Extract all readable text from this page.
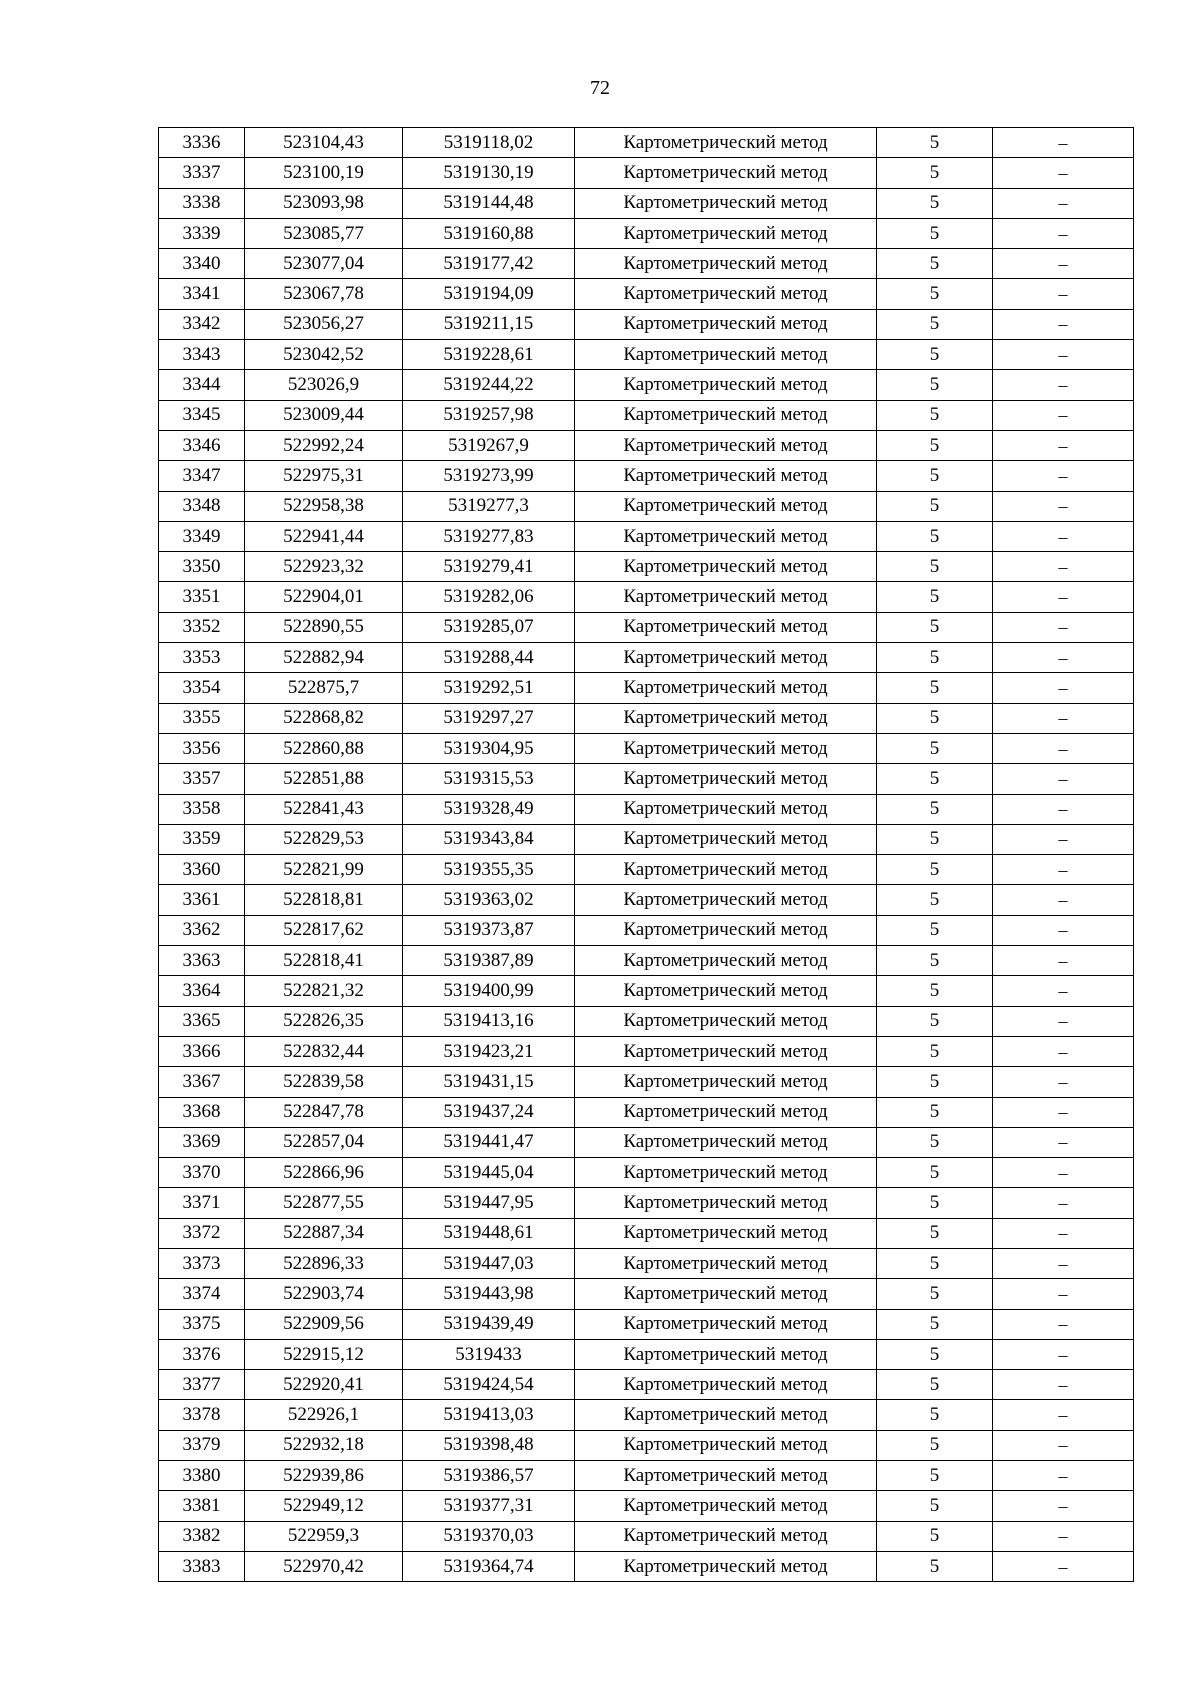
72
3336	523104,43	5319118,02	Картометрический метод	5	–
3337	523100,19	5319130,19	Картометрический метод	5	–
3338	523093,98	5319144,48	Картометрический метод	5	–
3339	523085,77	5319160,88	Картометрический метод	5	–
3340	523077,04	5319177,42	Картометрический метод	5	–
3341	523067,78	5319194,09	Картометрический метод	5	–
3342	523056,27	5319211,15	Картометрический метод	5	–
3343	523042,52	5319228,61	Картометрический метод	5	–
3344	523026,9	5319244,22	Картометрический метод	5	–
3345	523009,44	5319257,98	Картометрический метод	5	–
3346	522992,24	5319267,9	Картометрический метод	5	–
3347	522975,31	5319273,99	Картометрический метод	5	–
3348	522958,38	5319277,3	Картометрический метод	5	–
3349	522941,44	5319277,83	Картометрический метод	5	–
3350	522923,32	5319279,41	Картометрический метод	5	–
3351	522904,01	5319282,06	Картометрический метод	5	–
3352	522890,55	5319285,07	Картометрический метод	5	–
3353	522882,94	5319288,44	Картометрический метод	5	–
3354	522875,7	5319292,51	Картометрический метод	5	–
3355	522868,82	5319297,27	Картометрический метод	5	–
3356	522860,88	5319304,95	Картометрический метод	5	–
3357	522851,88	5319315,53	Картометрический метод	5	–
3358	522841,43	5319328,49	Картометрический метод	5	–
3359	522829,53	5319343,84	Картометрический метод	5	–
3360	522821,99	5319355,35	Картометрический метод	5	–
3361	522818,81	5319363,02	Картометрический метод	5	–
3362	522817,62	5319373,87	Картометрический метод	5	–
3363	522818,41	5319387,89	Картометрический метод	5	–
3364	522821,32	5319400,99	Картометрический метод	5	–
3365	522826,35	5319413,16	Картометрический метод	5	–
3366	522832,44	5319423,21	Картометрический метод	5	–
3367	522839,58	5319431,15	Картометрический метод	5	–
3368	522847,78	5319437,24	Картометрический метод	5	–
3369	522857,04	5319441,47	Картометрический метод	5	–
3370	522866,96	5319445,04	Картометрический метод	5	–
3371	522877,55	5319447,95	Картометрический метод	5	–
3372	522887,34	5319448,61	Картометрический метод	5	–
3373	522896,33	5319447,03	Картометрический метод	5	–
3374	522903,74	5319443,98	Картометрический метод	5	–
3375	522909,56	5319439,49	Картометрический метод	5	–
3376	522915,12	5319433	Картометрический метод	5	–
3377	522920,41	5319424,54	Картометрический метод	5	–
3378	522926,1	5319413,03	Картометрический метод	5	–
3379	522932,18	5319398,48	Картометрический метод	5	–
3380	522939,86	5319386,57	Картометрический метод	5	–
3381	522949,12	5319377,31	Картометрический метод	5	–
3382	522959,3	5319370,03	Картометрический метод	5	–
3383	522970,42	5319364,74	Картометрический метод	5	–
